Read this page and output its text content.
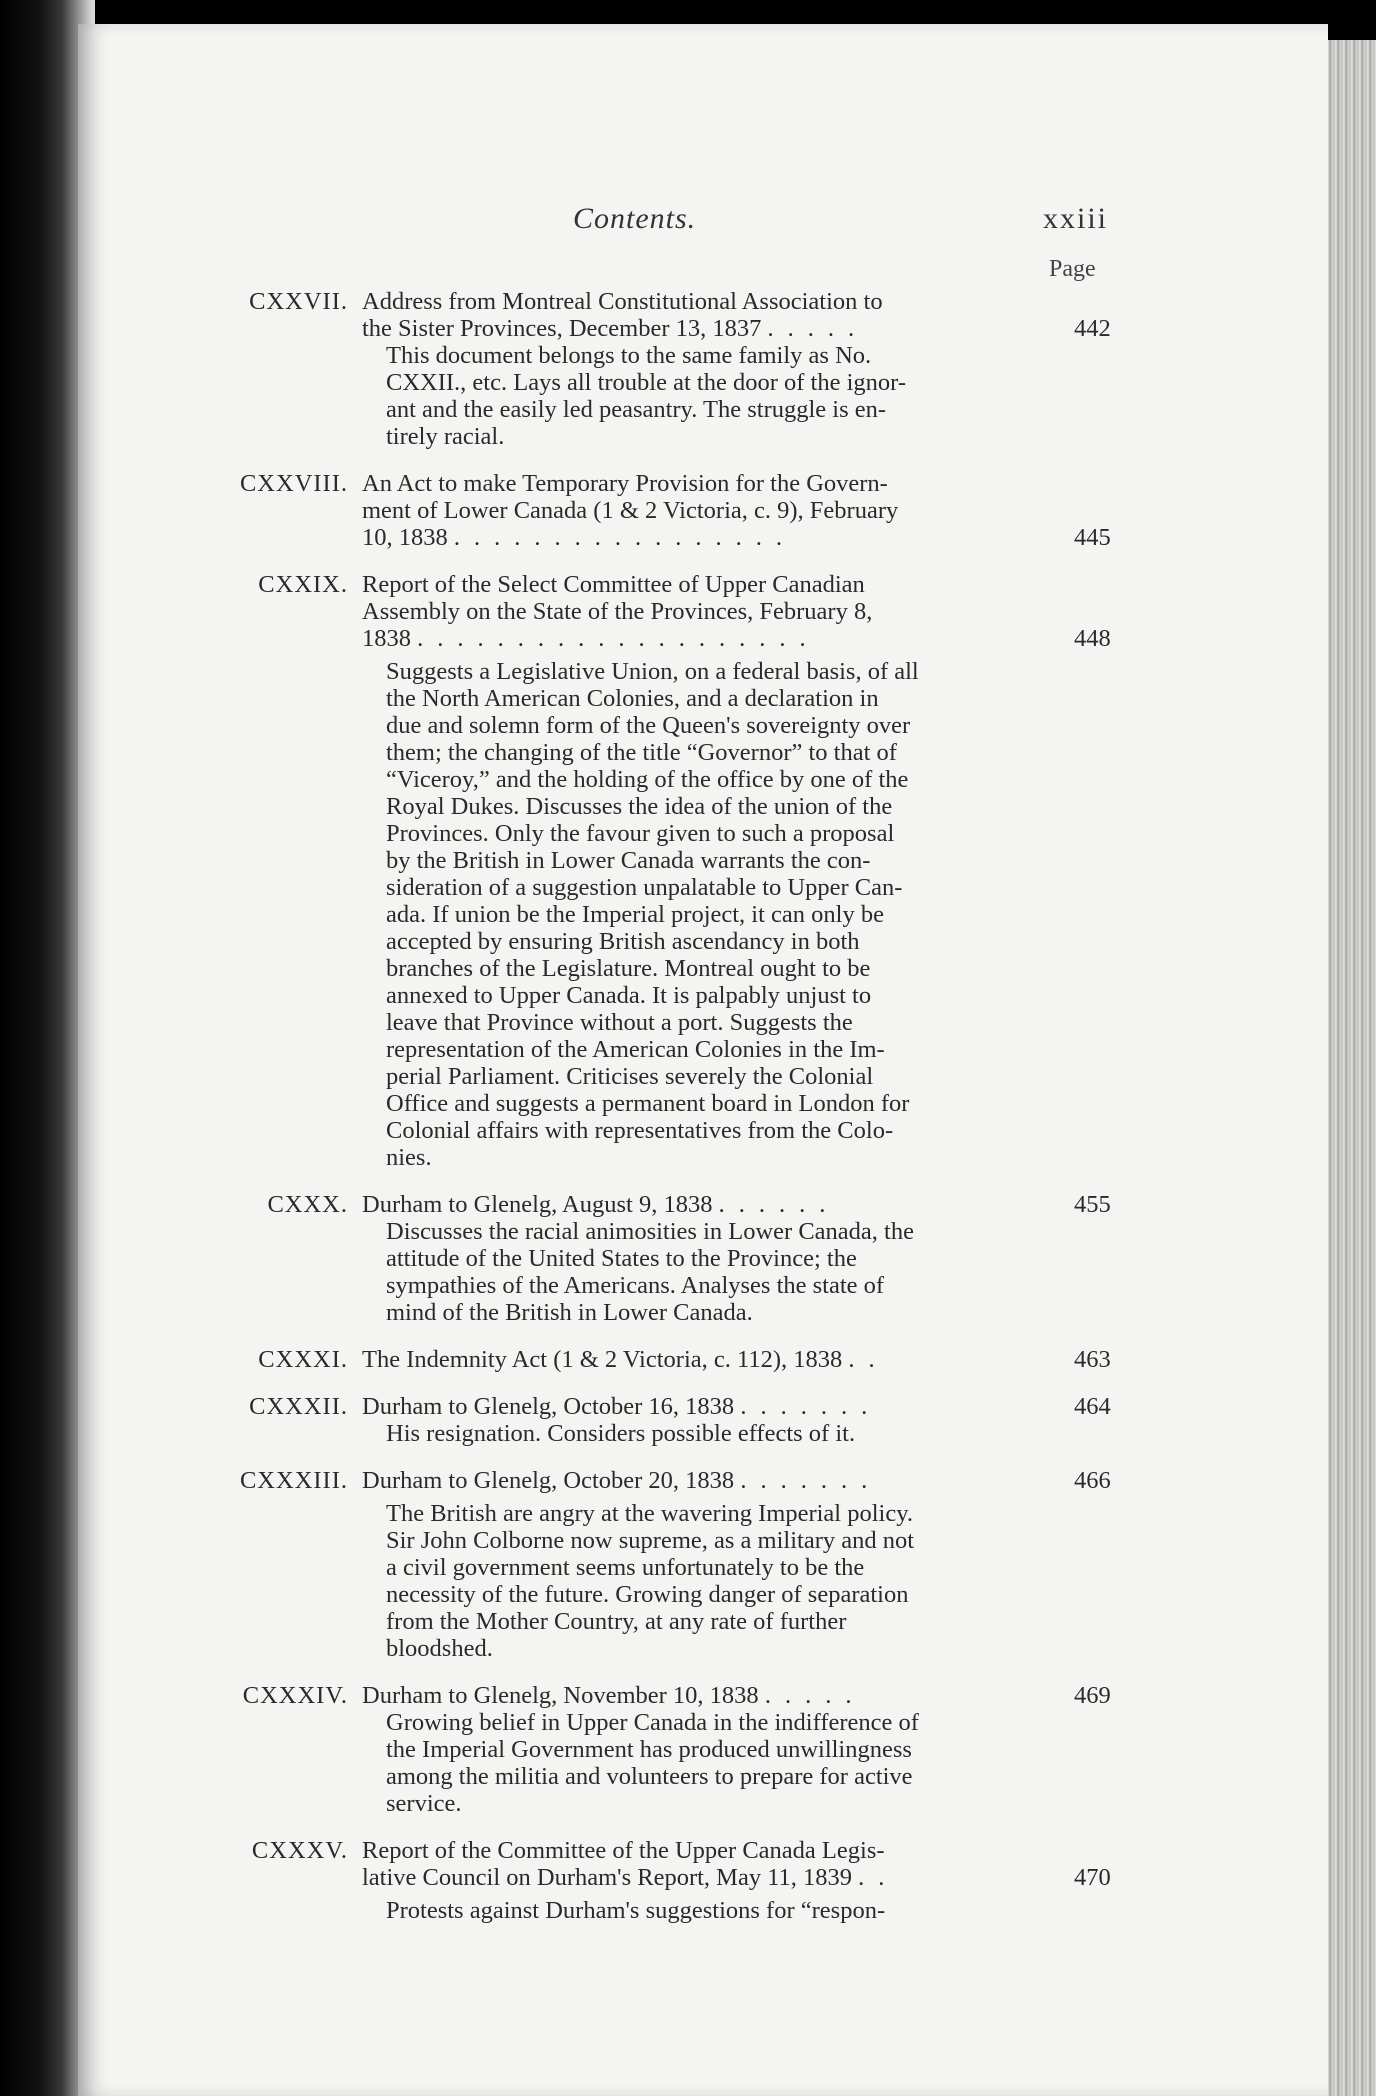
Contents.	xxiii
Page
CXXVII. Address from Montreal Constitutional Association to
the Sister Provinces, December 13, 1837 .....	442
This document belongs to the same family as No.
CXXII., etc. Lays all trouble at the door of the ignor-
ant and the easily led peasantry. The struggle is en-
tirely racial.
CXXVIII. An Act to make Temporary Provision for the Govern-
ment of Lower Canada (1 & 2 Victoria, c. 9), February
10, 1838 .................	445
CXXIX. Report of the Select Committee of Upper Canadian
Assembly on the State of the Provinces, February 8,
1838 ....................	448
Suggests a Legislative Union, on a federal basis, of all
the North American Colonies, and a declaration in
due and solemn form of the Queen's sovereignty over
them; the changing of the title “Governor” to that of
“Viceroy,” and the holding of the office by one of the
Royal Dukes. Discusses the idea of the union of the
Provinces. Only the favour given to such a proposal
by the British in Lower Canada warrants the con-
sideration of a suggestion unpalatable to Upper Can-
ada. If union be the Imperial project, it can only be
accepted by ensuring British ascendancy in both
branches of the Legislature. Montreal ought to be
annexed to Upper Canada. It is palpably unjust to
leave that Province without a port. Suggests the
representation of the American Colonies in the Im-
perial Parliament. Criticises severely the Colonial
Office and suggests a permanent board in London for
Colonial affairs with representatives from the Colo-
nies.
CXXX. Durham to Glenelg, August 9, 1838 ......	455
Discusses the racial animosities in Lower Canada, the
attitude of the United States to the Province; the
sympathies of the Americans. Analyses the state of
mind of the British in Lower Canada.
CXXXI. The Indemnity Act (1 & 2 Victoria, c. 112), 1838 ..	463
CXXXII. Durham to Glenelg, October 16, 1838 .......	464
His resignation. Considers possible effects of it.
CXXXIII. Durham to Glenelg, October 20, 1838 .......	466
The British are angry at the wavering Imperial policy.
Sir John Colborne now supreme, as a military and not
a civil government seems unfortunately to be the
necessity of the future. Growing danger of separation
from the Mother Country, at any rate of further
bloodshed.
CXXXIV. Durham to Glenelg, November 10, 1838 .....	469
Growing belief in Upper Canada in the indifference of
the Imperial Government has produced unwillingness
among the militia and volunteers to prepare for active
service.
CXXXV. Report of the Committee of the Upper Canada Legis-
lative Council on Durham's Report, May 11, 1839 ..	470
Protests against Durham's suggestions for “respon-
